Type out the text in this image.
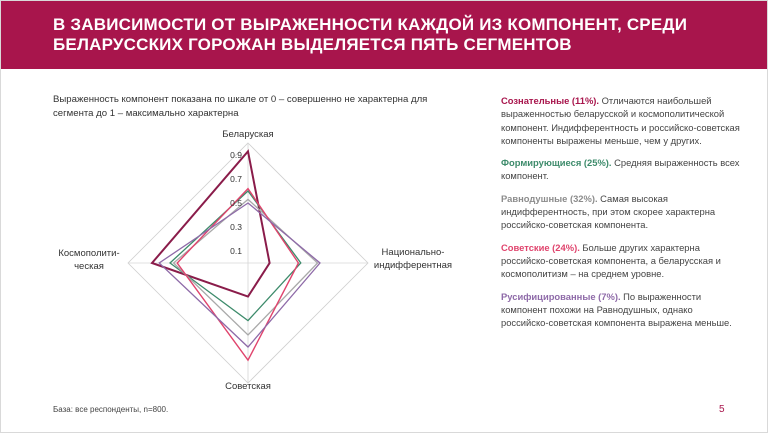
В ЗАВИСИМОСТИ ОТ ВЫРАЖЕННОСТИ КАЖДОЙ ИЗ КОМПОНЕНТ, СРЕДИ БЕЛАРУССКИХ ГОРОЖАН ВЫДЕЛЯЕТСЯ ПЯТЬ СЕГМЕНТОВ
Выраженность компонент показана по шкале от 0 – совершенно не характерна для сегмента до 1 – максимально характерна
0.9
0.7
0.5
0.3
0.1
Беларуская
Национально-
индифферентная
Советская
Космополити-
ческая

Сознательные (11%). Отличаются наибольшей выраженностью беларусской и космополитической компонент. Индифферентность и российско-советская компоненты выражены меньше, чем у других.

Формирующиеся (25%). Средняя выраженность всех компонент.

Равнодушные (32%). Самая высокая индифферентность, при этом скорее характерна российско-советская компонента.

Советские (24%). Больше других характерна российско-советская компонента, а беларусская и космополитизм – на среднем уровне.

Русифицированные (7%). По выраженности компонент похожи на Равнодушных, однако российско-советская компонента выражена меньше.

База: все респонденты, n=800.	5
